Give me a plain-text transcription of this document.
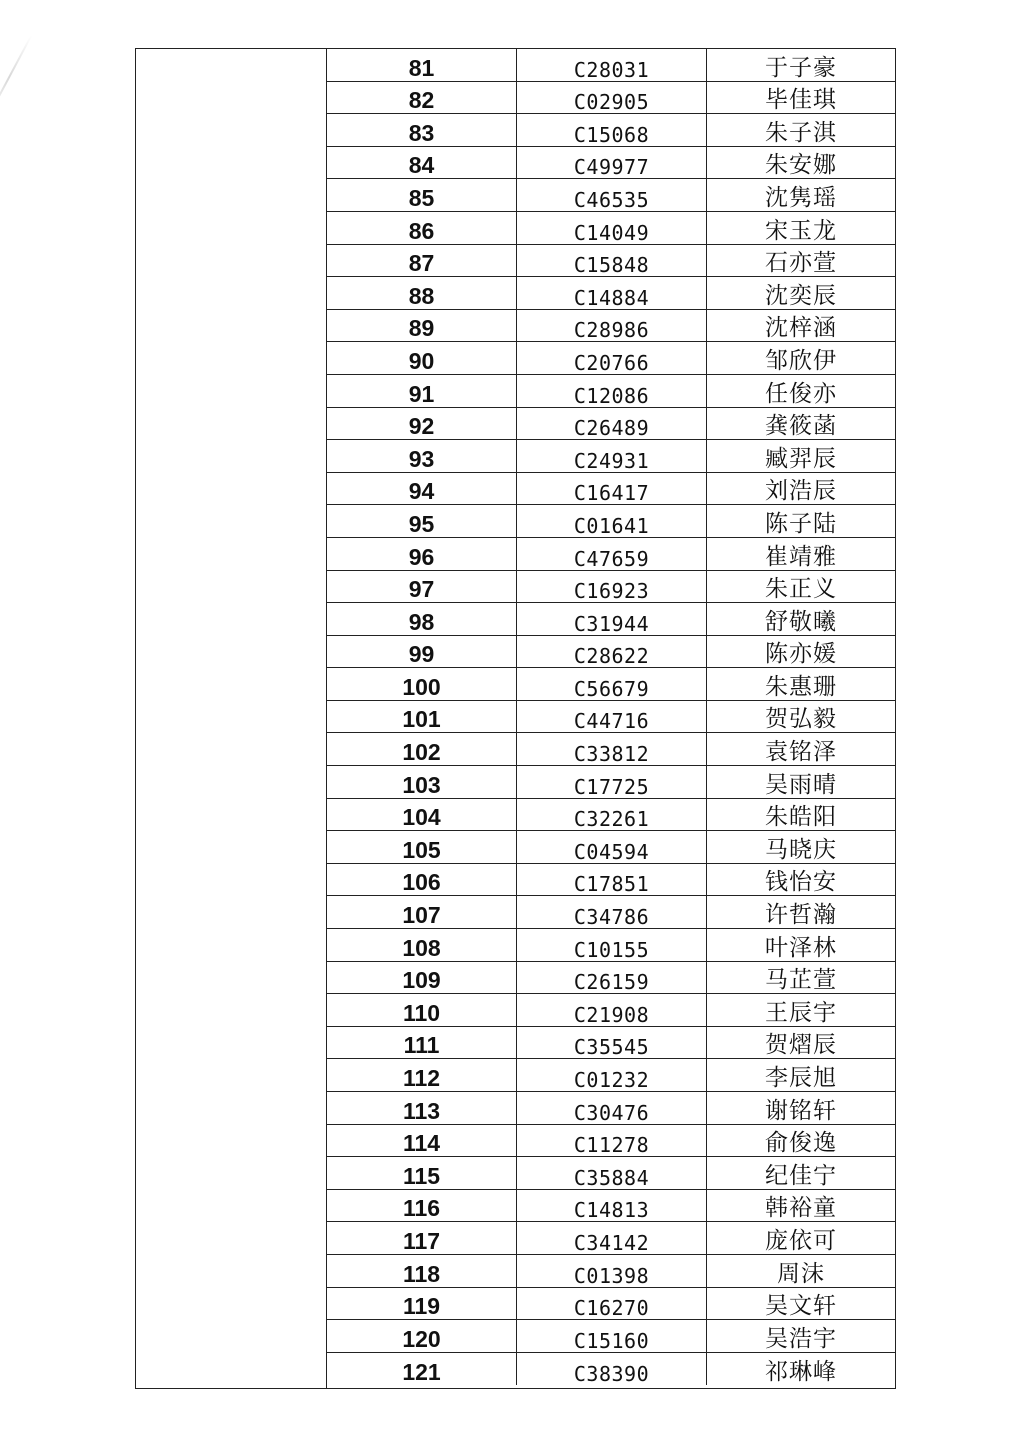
81	C28031	于子豪
82	C02905	毕佳琪
83	C15068	朱子淇
84	C49977	朱安娜
85	C46535	沈隽瑶
86	C14049	宋玉龙
87	C15848	石亦萱
88	C14884	沈奕辰
89	C28986	沈梓涵
90	C20766	邹欣伊
91	C12086	任俊亦
92	C26489	龚筱菡
93	C24931	臧羿辰
94	C16417	刘浩辰
95	C01641	陈子陆
96	C47659	崔靖雅
97	C16923	朱正义
98	C31944	舒敬曦
99	C28622	陈亦媛
100	C56679	朱惠珊
101	C44716	贺弘毅
102	C33812	袁铭泽
103	C17725	吴雨晴
104	C32261	朱皓阳
105	C04594	马晓庆
106	C17851	钱怡安
107	C34786	许哲瀚
108	C10155	叶泽林
109	C26159	马芷萱
110	C21908	王辰宇
111	C35545	贺熠辰
112	C01232	李辰旭
113	C30476	谢铭轩
114	C11278	俞俊逸
115	C35884	纪佳宁
116	C14813	韩裕童
117	C34142	庞依可
118	C01398	周沫
119	C16270	吴文轩
120	C15160	吴浩宇
121	C38390	祁琳峰
